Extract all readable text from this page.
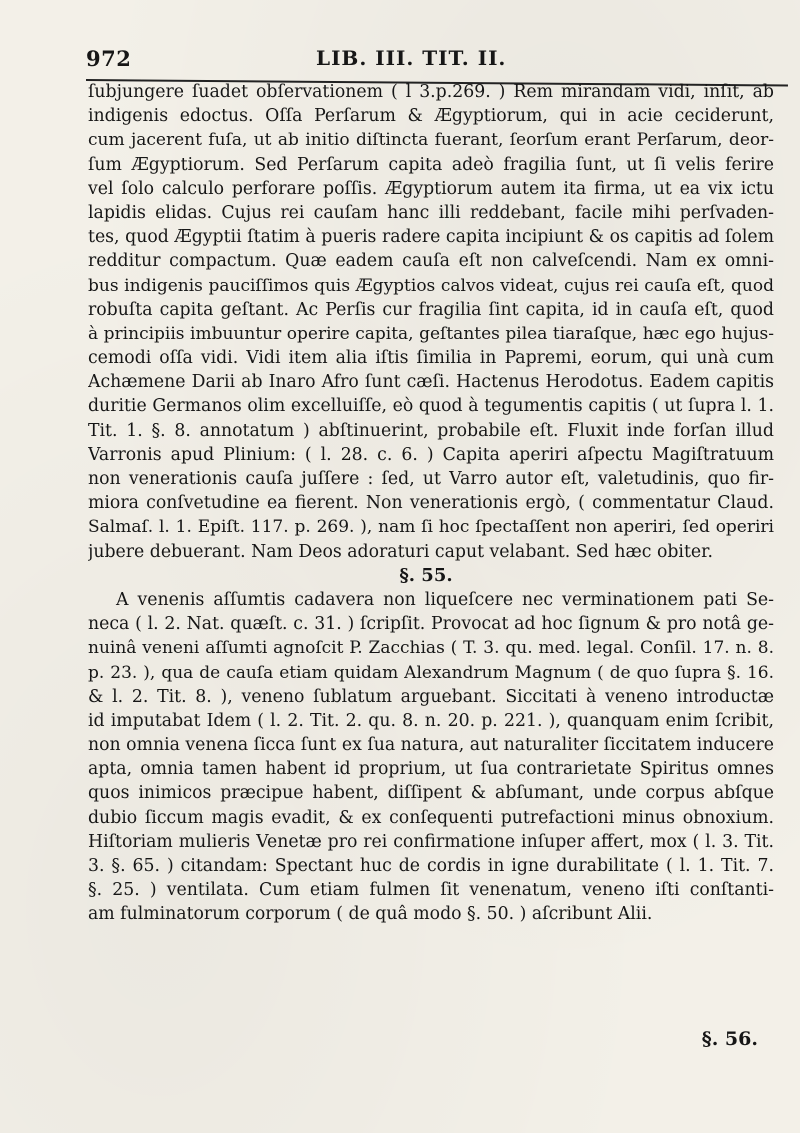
972	LIB. III. TIT. II.
ſubjungere ſuadet obſervationem ( l 3.p.269. ) Rem mirandam vidi, inſit, ab
indigenis edoctus. Oſſa Perſarum & Ægyptiorum, qui in acie ceciderunt,
cum jacerent fuſa, ut ab initio diſtincta fuerant, ſeorſum erant Perſarum, deor-
ſum Ægyptiorum. Sed Perſarum capita adeò fragilia ſunt, ut ſi velis ferire
vel ſolo calculo perforare poſſis. Ægyptiorum autem ita firma, ut ea vix ictu
lapidis elidas. Cujus rei cauſam hanc illi reddebant, facile mihi perſvaden-
tes, quod Ægyptii ſtatim à pueris radere capita incipiunt & os capitis ad ſolem
redditur compactum. Quæ eadem cauſa eſt non calveſcendi. Nam ex omni-
bus indigenis pauciſſimos quis Ægyptios calvos videat, cujus rei cauſa eſt, quod
robuſta capita geſtant. Ac Perſis cur fragilia ſint capita, id in cauſa eſt, quod
à principiis imbuuntur operire capita, geſtantes pilea tiaraſque, hæc ego hujus-
cemodi oſſa vidi. Vidi item alia iſtis ſimilia in Papremi, eorum, qui unà cum
Achæmene Darii ab Inaro Afro ſunt cæſi. Hactenus Herodotus. Eadem capitis
duritie Germanos olim excelluiſſe, eò quod à tegumentis capitis ( ut ſupra l. 1.
Tit. 1. §. 8. annotatum ) abſtinuerint, probabile eſt. Fluxit inde forſan illud
Varronis apud Plinium: ( l. 28. c. 6. ) Capita aperiri aſpectu Magiſtratuum
non venerationis cauſa juſſere : ſed, ut Varro autor eſt, valetudinis, quo fir-
miora conſvetudine ea fierent. Non venerationis ergò, ( commentatur Claud.
Salmaſ. l. 1. Epiſt. 117. p. 269. ), nam ſi hoc ſpectaſſent non aperiri, ſed operiri
jubere debuerant. Nam Deos adoraturi caput velabant. Sed hæc obiter.
§. 55.
A venenis aſſumtis cadavera non liqueſcere nec verminationem pati Se-
neca ( l. 2. Nat. quæſt. c. 31. ) ſcripſit. Provocat ad hoc ſignum & pro notâ ge-
nuinâ veneni aſſumti agnoſcit P. Zacchias ( T. 3. qu. med. legal. Conſil. 17. n. 8.
p. 23. ), qua de cauſa etiam quidam Alexandrum Magnum ( de quo ſupra §. 16.
& l. 2. Tit. 8. ), veneno ſublatum arguebant. Siccitati à veneno introductæ
id imputabat Idem ( l. 2. Tit. 2. qu. 8. n. 20. p. 221. ), quanquam enim ſcribit,
non omnia venena ſicca ſunt ex ſua natura, aut naturaliter ſiccitatem inducere
apta, omnia tamen habent id proprium, ut ſua contrarietate Spiritus omnes
quos inimicos præcipue habent, diſſipent & abſumant, unde corpus abſque
dubio ſiccum magis evadit, & ex conſequenti putrefactioni minus obnoxium.
Hiſtoriam mulieris Venetæ pro rei confirmatione inſuper affert, mox ( l. 3. Tit.
3. §. 65. ) citandam: Spectant huc de cordis in igne durabilitate ( l. 1. Tit. 7.
§. 25. ) ventilata. Cum etiam fulmen ſit venenatum, veneno iſti conſtanti-
am fulminatorum corporum ( de quâ modo §. 50. ) aſcribunt Alii.
§. 56.
